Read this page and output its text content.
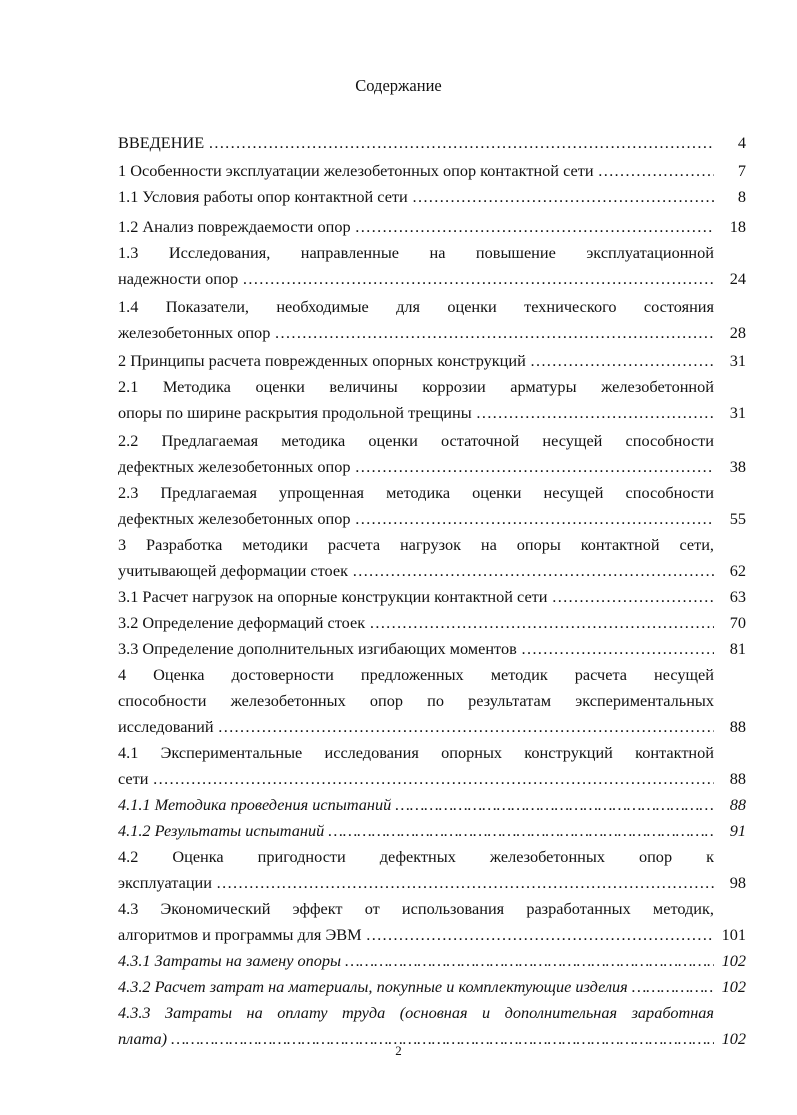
Содержание
ВВЕДЕНИЕ ………………………………………………………………………………………………………………………………………………………………………………………	4
1 Особенности эксплуатации железобетонных опор контактной сети ………………………………………………………………………………………………………………………………………………………………………………………	7
1.1 Условия работы опор контактной сети ………………………………………………………………………………………………………………………………………………………………………………………	8
1.2 Анализ повреждаемости опор ………………………………………………………………………………………………………………………………………………………………………………………	18
1.3 Исследования, направленные на повышение эксплуатационной
надежности опор ………………………………………………………………………………………………………………………………………………………………………………………	24
1.4 Показатели, необходимые для оценки технического состояния
железобетонных опор ………………………………………………………………………………………………………………………………………………………………………………………	28
2 Принципы расчета поврежденных опорных конструкций ………………………………………………………………………………………………………………………………………………………………………………………	31
2.1 Методика оценки величины коррозии арматуры железобетонной
опоры по ширине раскрытия продольной трещины ………………………………………………………………………………………………………………………………………………………………………………………	31
2.2 Предлагаемая методика оценки остаточной несущей способности
дефектных железобетонных опор ………………………………………………………………………………………………………………………………………………………………………………………	38
2.3 Предлагаемая упрощенная методика оценки несущей способности
дефектных железобетонных опор ………………………………………………………………………………………………………………………………………………………………………………………	55
3 Разработка методики расчета нагрузок на опоры контактной сети,
учитывающей деформации стоек ………………………………………………………………………………………………………………………………………………………………………………………	62
3.1 Расчет нагрузок на опорные конструкции контактной сети ………………………………………………………………………………………………………………………………………………………………………………………	63
3.2 Определение деформаций стоек ………………………………………………………………………………………………………………………………………………………………………………………	70
3.3 Определение дополнительных изгибающих моментов ………………………………………………………………………………………………………………………………………………………………………………………	81
4 Оценка достоверности предложенных методик расчета несущей
способности железобетонных опор по результатам экспериментальных
исследований ………………………………………………………………………………………………………………………………………………………………………………………	88
4.1 Экспериментальные исследования опорных конструкций контактной
сети ………………………………………………………………………………………………………………………………………………………………………………………	88
4.1.1 Методика проведения испытаний ………………………………………………………………………………………………………………………………………………………………………………………	88
4.1.2 Результаты испытаний ………………………………………………………………………………………………………………………………………………………………………………………	91
4.2 Оценка пригодности дефектных железобетонных опор к
эксплуатации ………………………………………………………………………………………………………………………………………………………………………………………	98
4.3 Экономический эффект от использования разработанных методик,
алгоритмов и программы для ЭВМ ………………………………………………………………………………………………………………………………………………………………………………………	101
4.3.1 Затраты на замену опоры ………………………………………………………………………………………………………………………………………………………………………………………	102
4.3.2 Расчет затрат на материалы, покупные и комплектующие изделия ………………………………………………………………………………………………………………………………………………………………………………………	102
4.3.3 Затраты на оплату труда (основная и дополнительная заработная
плата) ………………………………………………………………………………………………………………………………………………………………………………………	102
2
